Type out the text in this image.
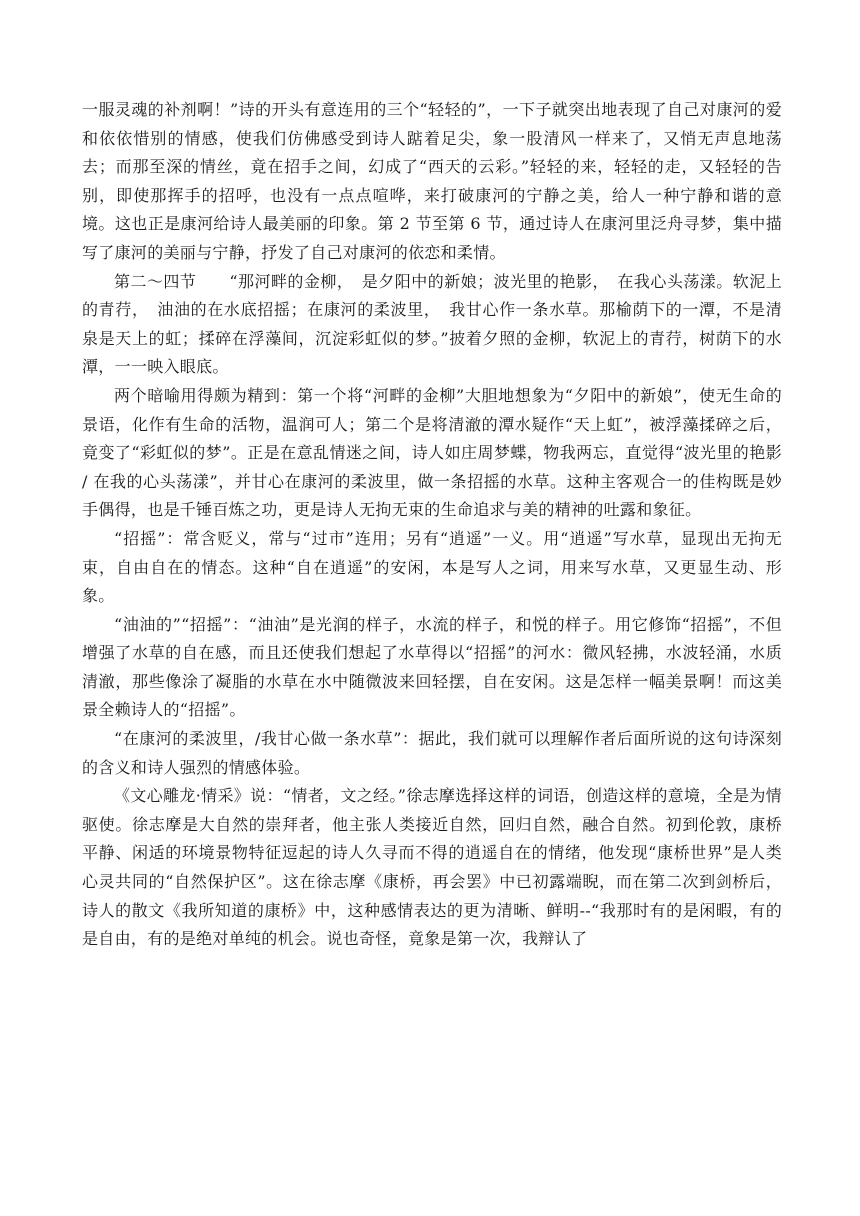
一服灵魂的补剂啊！”诗的开头有意连用的三个“轻轻的”，一下子就突出地表现了自己对康河的爱和依依惜别的情感，使我们仿佛感受到诗人踮着足尖，象一股清风一样来了，又悄无声息地荡去；而那至深的情丝，竟在招手之间，幻成了“西天的云彩。”轻轻的来，轻轻的走，又轻轻的告别，即使那挥手的招呼，也没有一点点喧哗，来打破康河的宁静之美，给人一种宁静和谐的意境。这也正是康河给诗人最美丽的印象。第 2 节至第 6 节，通过诗人在康河里泛舟寻梦，集中描写了康河的美丽与宁静，抒发了自己对康河的依恋和柔情。

第二～四节　　“那河畔的金柳，　是夕阳中的新娘；波光里的艳影，　在我心头荡漾。软泥上的青荇，　油油的在水底招摇；在康河的柔波里，　我甘心作一条水草。那榆荫下的一潭，不是清泉是天上的虹；揉碎在浮藻间，沉淀彩虹似的梦。”披着夕照的金柳，软泥上的青荇，树荫下的水潭，一一映入眼底。

两个暗喻用得颇为精到：第一个将“河畔的金柳”大胆地想象为“夕阳中的新娘”，使无生命的景语，化作有生命的活物，温润可人；第二个是将清澈的潭水疑作“天上虹”，被浮藻揉碎之后，竟变了“彩虹似的梦”。正是在意乱情迷之间，诗人如庄周梦蝶，物我两忘，直觉得“波光里的艳影 / 在我的心头荡漾”，并甘心在康河的柔波里，做一条招摇的水草。这种主客观合一的佳构既是妙手偶得，也是千锤百炼之功，更是诗人无拘无束的生命追求与美的精神的吐露和象征。

“招摇”：常含贬义，常与“过市”连用；另有“逍遥”一义。用“逍遥”写水草，显现出无拘无束，自由自在的情态。这种“自在逍遥”的安闲，本是写人之词，用来写水草，又更显生动、形象。

“油油的”“招摇”：“油油”是光润的样子，水流的样子，和悦的样子。用它修饰“招摇”，不但增强了水草的自在感，而且还使我们想起了水草得以“招摇”的河水：微风轻拂，水波轻涌，水质清澈，那些像涂了凝脂的水草在水中随微波来回轻摆，自在安闲。这是怎样一幅美景啊！而这美景全赖诗人的“招摇”。

“在康河的柔波里，/我甘心做一条水草”：据此，我们就可以理解作者后面所说的这句诗深刻的含义和诗人强烈的情感体验。

《文心雕龙·情采》说：“情者，文之经。”徐志摩选择这样的词语，创造这样的意境，全是为情驱使。徐志摩是大自然的崇拜者，他主张人类接近自然，回归自然，融合自然。初到伦敦，康桥平静、闲适的环境景物特征逗起的诗人久寻而不得的逍遥自在的情绪，他发现“康桥世界”是人类心灵共同的“自然保护区”。这在徐志摩《康桥，再会罢》中已初露端睨，而在第二次到剑桥后，诗人的散文《我所知道的康桥》中，这种感情表达的更为清晰、鲜明--“我那时有的是闲暇，有的是自由，有的是绝对单纯的机会。说也奇怪，竟象是第一次，我辩认了
